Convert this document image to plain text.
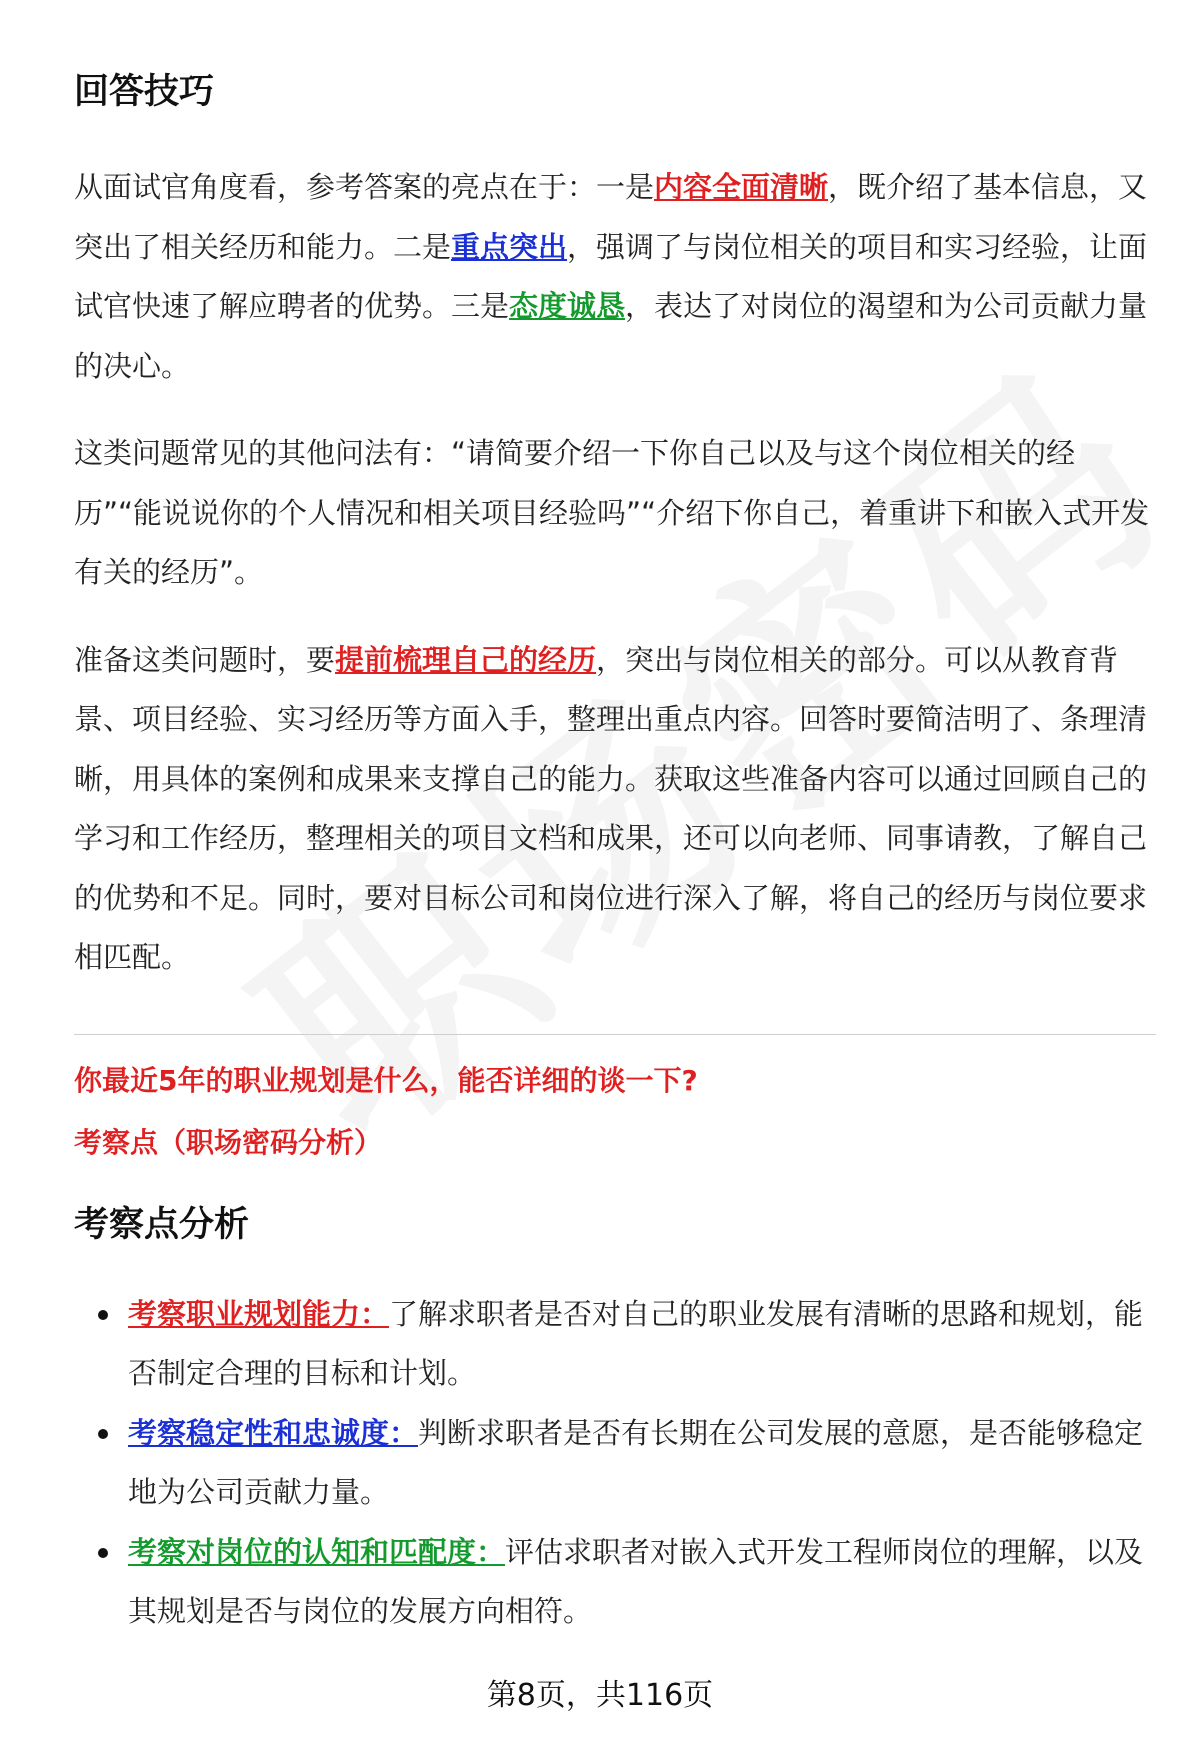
回答技巧

从面试官角度看，参考答案的亮点在于：一是内容全面清晰，既介绍了基本信息，又突出了相关经历和能力。二是重点突出，强调了与岗位相关的项目和实习经验，让面试官快速了解应聘者的优势。三是态度诚恳，表达了对岗位的渴望和为公司贡献力量的决心。

这类问题常见的其他问法有：“请简要介绍一下你自己以及与这个岗位相关的经历”“能说说你的个人情况和相关项目经验吗”“介绍下你自己，着重讲下和嵌入式开发有关的经历”。

准备这类问题时，要提前梳理自己的经历，突出与岗位相关的部分。可以从教育背景、项目经验、实习经历等方面入手，整理出重点内容。回答时要简洁明了、条理清晰，用具体的案例和成果来支撑自己的能力。获取这些准备内容可以通过回顾自己的学习和工作经历，整理相关的项目文档和成果，还可以向老师、同事请教，了解自己的优势和不足。同时，要对目标公司和岗位进行深入了解，将自己的经历与岗位要求相匹配。

你最近5年的职业规划是什么，能否详细的谈一下?

考察点（职场密码分析）

考察点分析
考察职业规划能力：了解求职者是否对自己的职业发展有清晰的思路和规划，能否制定合理的目标和计划。
考察稳定性和忠诚度：判断求职者是否有长期在公司发展的意愿，是否能够稳定地为公司贡献力量。
考察对岗位的认知和匹配度：评估求职者对嵌入式开发工程师岗位的理解，以及其规划是否与岗位的发展方向相符。
第8页，共116页
